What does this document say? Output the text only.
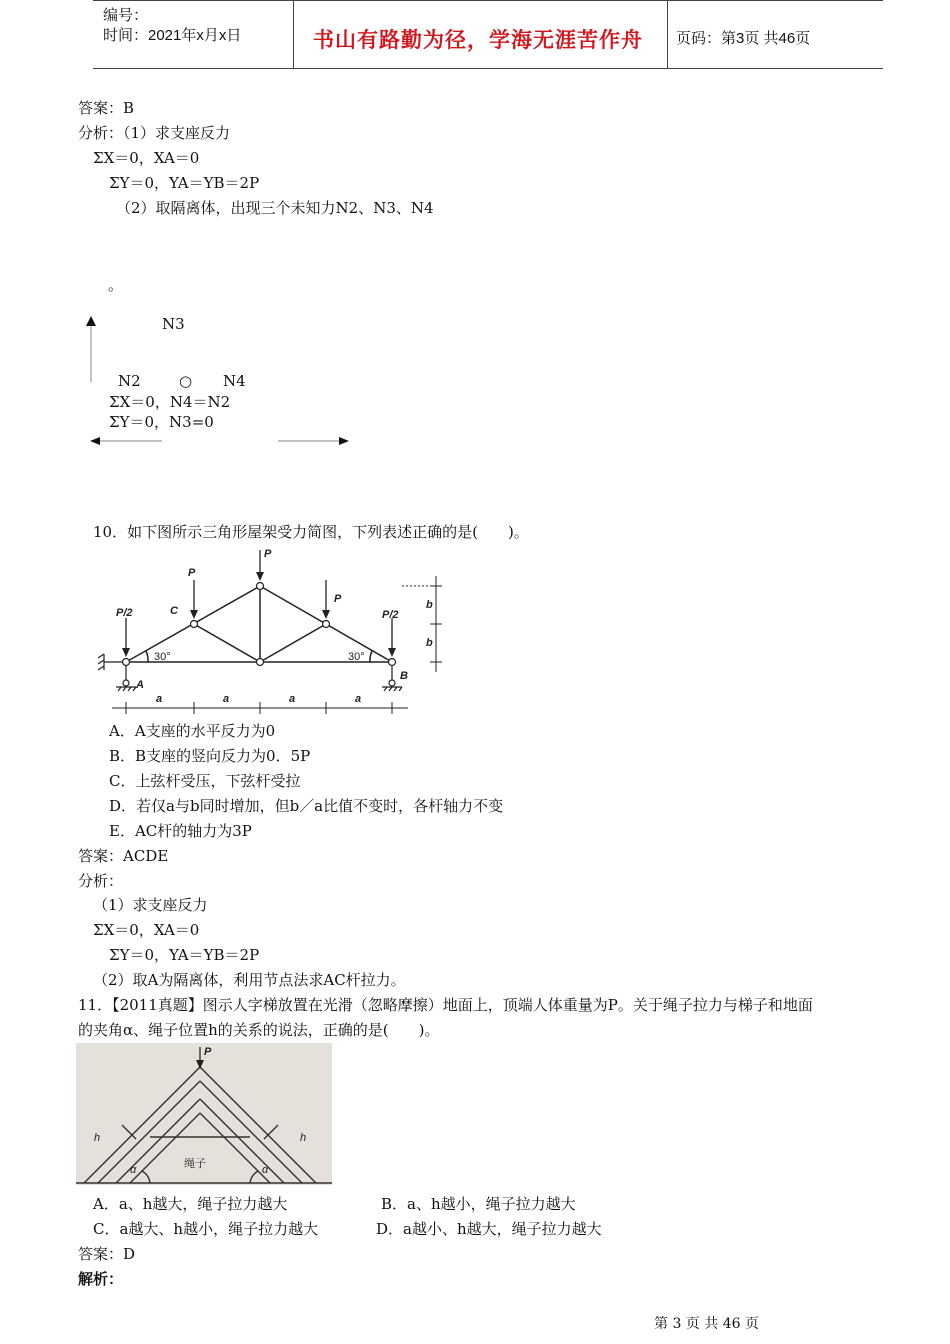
编号：
时间：2021年x月x日	书山有路勤为径，学海无涯苦作舟 页码：第3页 共46页
答案：B
分析：（1）求支座反力
ΣX＝0，XA＝0
ΣY＝0，YA＝YB＝2P
（2）取隔离体，出现三个未知力N2、N3、N4
。
N3
N2	○ N4
ΣX＝0，N4＝N2
ΣY＝0，N3=0
10．如下图所示三角形屋架受力简图，下列表述正确的是(　　)。
P
P
P
P/2	P/2
C
A
B
30°	30°
a	a	a	a
b
b
A．A支座的水平反力为0
B．B支座的竖向反力为0．5P
C．上弦杆受压，下弦杆受拉
D．若仅a与b同时增加，但b／a比值不变时，各杆轴力不变
E．AC杆的轴力为3P
答案：ACDE
分析：
（1）求支座反力
ΣX＝0，XA＝0
ΣY＝0，YA＝YB＝2P
（2）取A为隔离体，利用节点法求AC杆拉力。
11．【2011真题】图示人字梯放置在光滑（忽略摩擦）地面上，顶端人体重量为P。关于绳子拉力与梯子和地面
的夹角α、绳子位置h的关系的说法，正确的是(　　)。
P
绳子
α	α
h	h
A．a、h越大，绳子拉力越大	B．a、h越小，绳子拉力越大
C．a越大、h越小，绳子拉力越大	D．a越小、h越大，绳子拉力越大
答案：D
解析：
第 3 页 共 46 页
